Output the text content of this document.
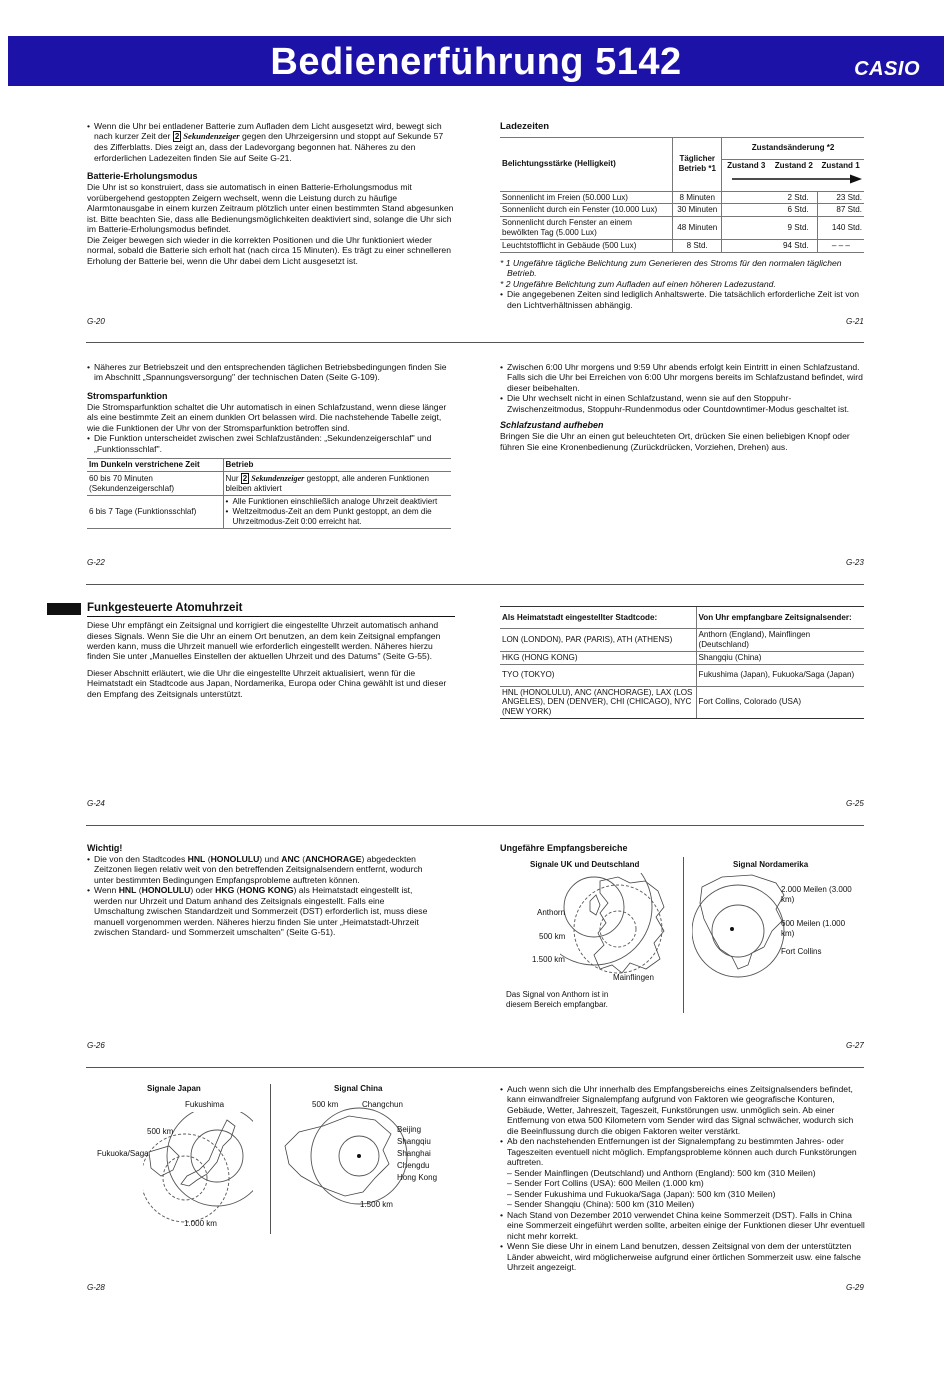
Bedienerführung 5142	CASIO

• Wenn die Uhr bei entladener Batterie zum Aufladen dem Licht ausgesetzt wird, bewegt sich nach kurzer Zeit der 2 Sekundenzeiger gegen den Uhrzeigersinn und stoppt auf Sekunde 57 des Zifferblatts. Dies zeigt an, dass der Ladevorgang begonnen hat. Näheres zu den erforderlichen Ladezeiten finden Sie auf Seite G-21.

Batterie-Erholungsmodus

Die Uhr ist so konstruiert, dass sie automatisch in einen Batterie-Erholungsmodus mit vorübergehend gestoppten Zeigern wechselt, wenn die Leistung durch zu häufige Alarmtonausgabe in einem kurzen Zeitraum plötzlich unter einen bestimmten Stand abgesunken ist. Bitte beachten Sie, dass alle Bedienungsmöglichkeiten deaktiviert sind, solange die Uhr sich im Batterie-Erholungsmodus befindet.

Die Zeiger bewegen sich wieder in die korrekten Positionen und die Uhr funktioniert wieder normal, sobald die Batterie sich erholt hat (nach circa 15 Minuten). Es trägt zu einer schnelleren Erholung der Batterie bei, wenn die Uhr dabei dem Licht ausgesetzt ist.

G-20
Ladezeiten
Belichtungsstärke (Helligkeit)	Täglicher Betrieb *1	Zustandsänderung *2		
		Zustand 3	Zustand 2	Zustand 1
Sonnenlicht im Freien (50.000 Lux)	8 Minuten	2 Std.		23 Std.
Sonnenlicht durch ein Fenster (10.000 Lux)	30 Minuten	6 Std.		87 Std.
Sonnenlicht durch Fenster an einem bewölkten Tag (5.000 Lux)	48 Minuten	9 Std.		140 Std.
Leuchtstofflicht in Gebäude (500 Lux)	8 Std.	94 Std.		– – –

* 1 Ungefähre tägliche Belichtung zum Generieren des Stroms für den normalen täglichen Betrieb.

* 2 Ungefähre Belichtung zum Aufladen auf einen höheren Ladezustand.

• Die angegebenen Zeiten sind lediglich Anhaltswerte. Die tatsächlich erforderliche Zeit ist von den Lichtverhältnissen abhängig.

G-21

• Näheres zur Betriebszeit und den entsprechenden täglichen Betriebsbedingungen finden Sie im Abschnitt „Spannungsversorgung" der technischen Daten (Seite G-109).

Stromsparfunktion

Die Stromsparfunktion schaltet die Uhr automatisch in einen Schlafzustand, wenn diese länger als eine bestimmte Zeit an einem dunklen Ort belassen wird. Die nachstehende Tabelle zeigt, wie die Funktionen der Uhr von der Stromsparfunktion betroffen sind.

• Die Funktion unterscheidet zwischen zwei Schlafzuständen: „Sekundenzeigerschlaf" und „Funktionsschlaf".

Im Dunkeln verstrichene Zeit	Betrieb
60 bis 70 Minuten (Sekundenzeigerschlaf)	Nur 2 Sekundenzeiger gestoppt, alle anderen Funktionen bleiben aktiviert
6 bis 7 Tage (Funktionsschlaf)	• Alle Funktionen einschließlich analoge Uhrzeit deaktiviert

• Weltzeitmodus-Zeit an dem Punkt gestoppt, an dem die Uhrzeitmodus-Zeit 0:00 erreicht hat.

G-22

• Zwischen 6:00 Uhr morgens und 9:59 Uhr abends erfolgt kein Eintritt in einen Schlafzustand. Falls sich die Uhr bei Erreichen von 6:00 Uhr morgens bereits im Schlafzustand befindet, wird dieser beibehalten.

• Die Uhr wechselt nicht in einen Schlafzustand, wenn sie auf den Stoppuhr-Zwischenzeitmodus, Stoppuhr-Rundenmodus oder Countdowntimer-Modus geschaltet ist.

Schlafzustand aufheben

Bringen Sie die Uhr an einen gut beleuchteten Ort, drücken Sie einen beliebigen Knopf oder führen Sie eine Kronenbedienung (Zurückdrücken, Vorziehen, Drehen) aus.

G-23
Funkgesteuerte Atomuhrzeit

Diese Uhr empfängt ein Zeitsignal und korrigiert die eingestellte Uhrzeit automatisch anhand dieses Signals. Wenn Sie die Uhr an einem Ort benutzen, an dem kein Zeitsignal empfangen werden kann, muss die Uhrzeit manuell wie erforderlich eingestellt werden. Näheres hierzu finden Sie unter „Manuelles Einstellen der aktuellen Uhrzeit und des Datums" (Seite G-55).

Dieser Abschnitt erläutert, wie die Uhr die eingestellte Uhrzeit aktualisiert, wenn für die Heimatstadt ein Stadtcode aus Japan, Nordamerika, Europa oder China gewählt ist und dieser den Empfang des Zeitsignals unterstützt.

G-24
Als Heimatstadt eingestellter Stadtcode:	Von Uhr empfangbare Zeitsignalsender:
LON (LONDON), PAR (PARIS), ATH (ATHENS)	Anthorn (England), Mainflingen (Deutschland)
HKG (HONG KONG)	Shangqiu (China)
TYO (TOKYO)	Fukushima (Japan), Fukuoka/Saga (Japan)
HNL (HONOLULU), ANC (ANCHORAGE), LAX (LOS ANGELES), DEN (DENVER), CHI (CHICAGO), NYC (NEW YORK)	Fort Collins, Colorado (USA)
G-25
Wichtig!

• Die von den Stadtcodes HNL (HONOLULU) und ANC (ANCHORAGE) abgedeckten Zeitzonen liegen relativ weit von den betreffenden Zeitsignalsendern entfernt, wodurch unter bestimmten Bedingungen Empfangsprobleme auftreten können.

• Wenn HNL (HONOLULU) oder HKG (HONG KONG) als Heimatstadt eingestellt ist, werden nur Uhrzeit und Datum anhand des Zeitsignals eingestellt. Falls eine Umschaltung zwischen Standardzeit und Sommerzeit (DST) erforderlich ist, muss diese manuell vorgenommen werden. Näheres hierzu finden Sie unter „Heimatstadt-Uhrzeit zwischen Standard- und Sommerzeit umschalten" (Seite G-51).

G-26
Ungefähre Empfangsbereiche
Signale UK und Deutschland	Signal Nordamerika
Anthorn
500 km
1.500 km
Mainflingen
Das Signal von Anthorn ist in diesem Bereich empfangbar.
2.000 Meilen (3.000 km)
600 Meilen (1.000 km)
Fort Collins
G-27
Signale Japan	Signal China
Fukushima
500 km
Fukuoka/Saga
1.000 km
500 km	Changchun
Beijing
Shangqiu
Shanghai
Chengdu
Hong Kong
1.500 km
G-28

• Auch wenn sich die Uhr innerhalb des Empfangsbereichs eines Zeitsignalsenders befindet, kann einwandfreier Signalempfang aufgrund von Faktoren wie geografische Konturen, Gebäude, Wetter, Jahreszeit, Tageszeit, Funkstörungen usw. unmöglich sein. Ab einer Entfernung von etwa 500 Kilometern vom Sender wird das Signal schwächer, wodurch sich die Beeinflussung durch die obigen Faktoren weiter verstärkt.

• Ab den nachstehenden Entfernungen ist der Signalempfang zu bestimmten Jahres- oder Tageszeiten eventuell nicht möglich. Empfangsprobleme können auch durch Funkstörungen auftreten.

– Sender Mainflingen (Deutschland) und Anthorn (England): 500 km (310 Meilen)

– Sender Fort Collins (USA): 600 Meilen (1.000 km)

– Sender Fukushima und Fukuoka/Saga (Japan): 500 km (310 Meilen)

– Sender Shangqiu (China): 500 km (310 Meilen)

• Nach Stand von Dezember 2010 verwendet China keine Sommerzeit (DST). Falls in China eine Sommerzeit eingeführt werden sollte, arbeiten einige der Funktionen dieser Uhr eventuell nicht mehr korrekt.

• Wenn Sie diese Uhr in einem Land benutzen, dessen Zeitsignal von dem der unterstützten Länder abweicht, wird möglicherweise aufgrund einer örtlichen Sommerzeit usw. eine falsche Uhrzeit angezeigt.

G-29
